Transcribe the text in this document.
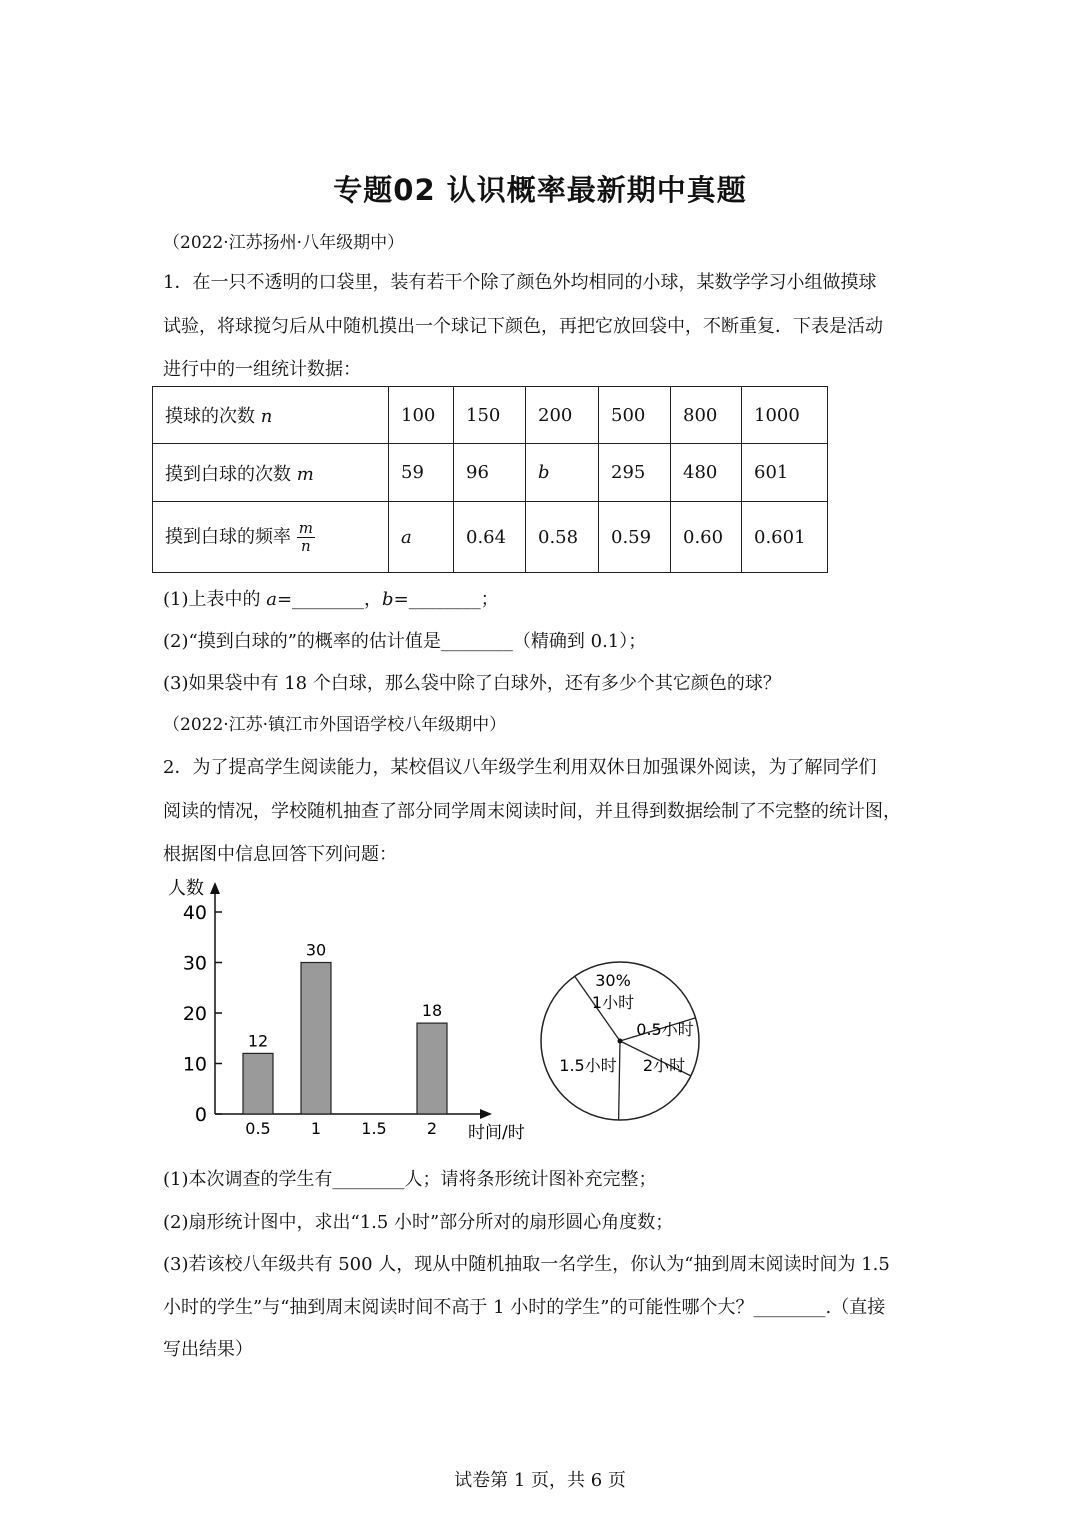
专题02 认识概率最新期中真题
（2022·江苏扬州·八年级期中）
1．在一只不透明的口袋里，装有若干个除了颜色外均相同的小球，某数学学习小组做摸球
试验，将球搅匀后从中随机摸出一个球记下颜色，再把它放回袋中，不断重复．下表是活动
进行中的一组统计数据：
摸球的次数 n	100	150	200	500	800	1000
摸到白球的次数 m	59	96	b	295	480	601
摸到白球的频率 $\frac{m}{n}$	a	0.64	0.58	0.59	0.60	0.601
(1)上表中的 a=________，b=________；
(2)“摸到白球的”的概率的估计值是________（精确到 0.1）；
(3)如果袋中有 18 个白球，那么袋中除了白球外，还有多少个其它颜色的球？
（2022·江苏·镇江市外国语学校八年级期中）
2．为了提高学生阅读能力，某校倡议八年级学生利用双休日加强课外阅读，为了解同学们
阅读的情况，学校随机抽查了部分同学周末阅读时间，并且得到数据绘制了不完整的统计图，
根据图中信息回答下列问题：
人数
时间/时
0
10
20
30
40
12
30
18
0.5	1	1.5	2
30%
1小时
0.5小时
2小时
1.5小时
(1)本次调查的学生有________人；请将条形统计图补充完整；
(2)扇形统计图中，求出“1.5 小时”部分所对的扇形圆心角度数；
(3)若该校八年级共有 500 人，现从中随机抽取一名学生，你认为“抽到周末阅读时间为 1.5
小时的学生”与“抽到周末阅读时间不高于 1 小时的学生”的可能性哪个大？________.（直接
写出结果）
试卷第 1 页，共 6 页
